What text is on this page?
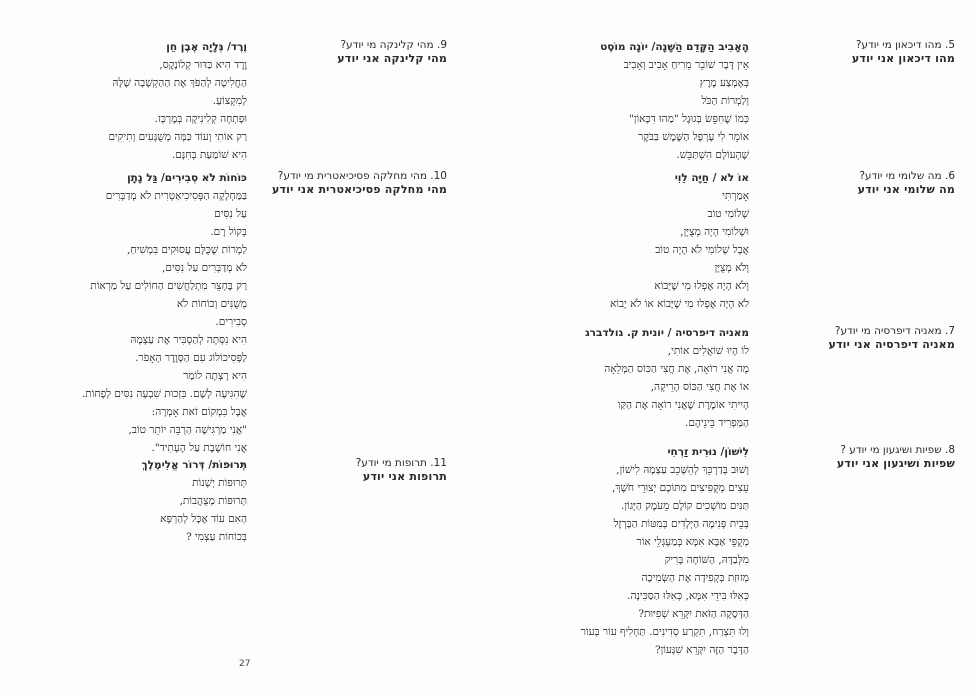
5. מהו דיכאון מי יודע?
מהו דיכאון אני יודע
הָאָבִיב הַקָּדֵם הַשָּׁנָה/ יוֹנָה מוֹסֶט
אֵין דָּבָר שׁוֹבֵר מֵרִיחַ אָבִיב וְאָבִיב
בְּאֶמְצַע מֶרֶץ
וְלַמְרוֹת הַכֹּל
כְּמוֹ שֶׁחִפֵּשׂ בְּגוּגֶל "מַהוּ דִּכָּאוֹן"
אוֹמֵר לִי עָרְפֶּל הַשֶּׁמֶשׁ בַּבֹּקֶר
שֶׁהָעוֹלָם הִשְׁתַּבֵּשׁ.
6. מה שלומי מי יודע?
מה שלומי אני יודע
אוֹ לֹא / חַיָּה לֵוִי
אָמַרְתִּי
שְׁלוֹמִי טוֹב
וּשְׁלוֹמִי הָיָה מְצֻיָּן,
אֲבָל שְׁלוֹמִי לֹא הָיָה טוֹב
וְלֹא מְצֻיָּן
וְלֹא הָיָה אֶפְלוּ מִי שֶׁיָּבוֹא
לֹא הָיָה אֶפְלוּ מִי שֶׁיָּבוֹא אוֹ לֹא יָבוֹא
7. מאניה דיפרסיה מי יודע?
מאניה דיפרסיה אני יודע
מאניה דיפרסיה / יונית ק. גולדברג
לוֹ הָיוּ שׁוֹאֲלִים אוֹתִי,
מָה אֲנִי רוֹאָה, אֶת חֲצִי הַכּוֹס הַמְּלֵאָה
אוֹ אֶת חֲצִי הַכּוֹס הָרֵיקָה,
הָיִיתִי אוֹמֶרֶת שֶׁאֲנִי רוֹאָה אֶת הַקַּו
הַמַּפְרִיד בֵּינֵיהֶם.
8. שפיות ושיגעון מי יודע ?
שפיות ושיגעון אני יודע
לִישׁוֹן/ נוּרִית זַרְחִי
וְשׁוּב בְּדַרְכֵּךְ לְהֵשָּׁכֵב עַצְמָהּ לִישׁוֹן,
עֵצִים מְקֻפִּיצִים מִתּוֹכָם יְצוּרֵי חֹשֶׁךְ,
תַּנִּים מוֹשְׁכִים קוֹלָם מֵעֹמֶק הַיָּגוֹן.
בְּבֵית פְּנִימָה הַיְּלָדִים בְּמִטּוֹת הַבַּרְזֶל
מְקֻפֵּי אַבָּא אִמָּא בְּמַעְגְּלֵי אוֹר
מִלְּבַדָּהּ, הַשּׁוֹחָה בָּרִיק
מְזוּזַת בְּקְפִידָה אֶת הַשְּׂמִיכָה
כְּאִלּוּ בִּידֵי אִמָּא, כְּאִלּוּ הַסַּכִּינָה.
הַדְּסָקָה הַזֹּאת יִקָּרֵא שְׁפִיּוּת?
וְלוּ תִּצְרַח, תִּקְרַע סְדִינִים. תַּחְלִיף עוֹר בְּעוֹר
הַדָּבָר הַזֶּה יִקָּרֵא שִׁגָּעוֹן?
9. מהי קלינקה מי יודע?
מהי קלינקה אני יודע
וֶרֶד/ גְּלָיָה אֶבֶן חֵן
וֶרֶד הִיא כַּדּוּר קְלוֹנָקֶס,
הַחֲלִיטָה לְהַפֹּךְ אֶת הַהַקְשָׁבָה שֶׁלָּהּ
לְמִקְצוֹעַ.
וּפָתְחָה קְלִינִיקָה בְּמֶרְכָּז.
רַק אוֹתִי וְעוֹד כַּמָּה מְשֻׁגָּעִים וְתִיקִים
הִיא שׁוֹמַעַת בְּחִנָּם.
10. מהי מחלקה פסיכיאטרית מי יודע?
מהי מחלקה פסיכיאטרית אני יודע
כּוֹחוֹת לֹא סְבִירִים/ גַּל נָתָן
בַּמַּחְלָקָה הַפְּסִיכִיאַטְרִית לֹא מְדַבְּרִים
עַל נִסִּים
בְּקוֹל רָם.
לַמְרוֹת שֶׁכֻּלָּם עֲסוּקִים בִּמְשִׁיחַ,
לֹא מְדַבְּרִים עַל נִסִּים,
רַק בֶּחָצֵר מִתְלַחֲשִׁים הַחוֹלִים עַל מַרְאוֹת
מְשֻׁנִּים וְכוֹחוֹת לֹא
סְבִירִים.
הִיא נִסְּתָה לְהַסְבִּיר אֶת עַצְמָהּ
לַפְּסִיכוֹלוֹג עִם הַסְּוֶדֶר הָאָפֹר.
הִיא רָצְתָה לוֹמַר
שֶׁהִגִּיעָה לְשָׁם. בִּזְכוּת שִׁבְעָה נִסִּים לְפָחוֹת.
אֲבָל בִּמְקוֹם זֹאת אָמְרָה:
"אֲנִי מַרְגִּישָׁה הַרְבֵּה יוֹתֵר טוֹב,
אֲנִי חוֹשֶׁבֶת עַל הֶעָתִיד".
11. תרופות מי יודע?
תרופות אני יודע
תְּרוּפוֹת/ דְּרוֹר אֱלִימֶלֶךְ
תְּרוּפוֹת יְשָׁנוֹת
תְּרוּפוֹת מְצֻהֲבוֹת,
הַאִם עוֹד אֶכָּל לְהַרְפָּא
בְּכוֹחוֹת עַצְמִי ?
27
